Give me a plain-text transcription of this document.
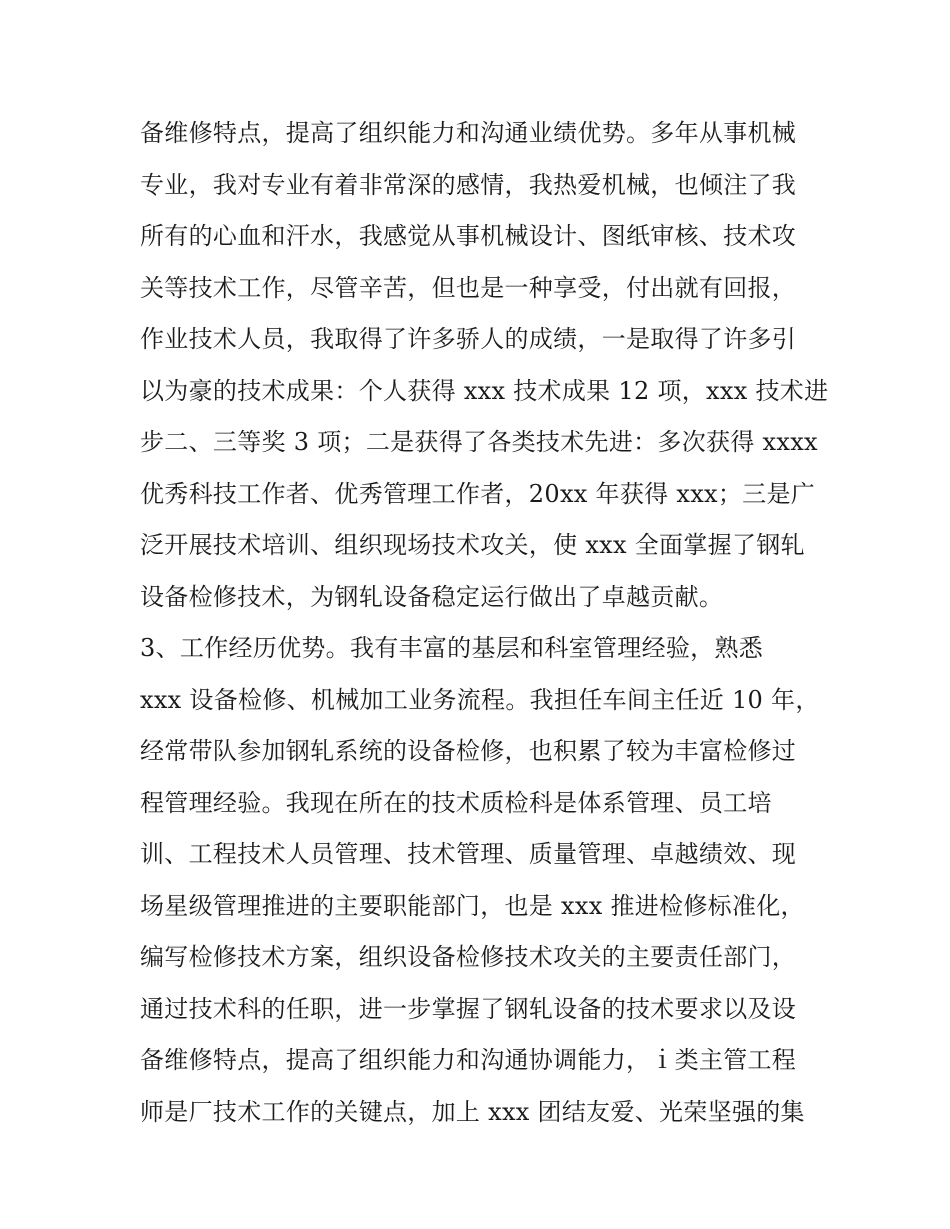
备维修特点，提高了组织能力和沟通业绩优势。多年从事机械
专业，我对专业有着非常深的感情，我热爱机械，也倾注了我
所有的心血和汗水，我感觉从事机械设计、图纸审核、技术攻
关等技术工作，尽管辛苦，但也是一种享受，付出就有回报，
作业技术人员，我取得了许多骄人的成绩，一是取得了许多引
以为豪的技术成果：个人获得 xxx 技术成果 12 项，xxx 技术进
步二、三等奖 3 项；二是获得了各类技术先进：多次获得 xxxx
优秀科技工作者、优秀管理工作者，20xx 年获得 xxx；三是广
泛开展技术培训、组织现场技术攻关，使 xxx 全面掌握了钢轧
设备检修技术，为钢轧设备稳定运行做出了卓越贡献。
3、工作经历优势。我有丰富的基层和科室管理经验，熟悉
xxx 设备检修、机械加工业务流程。我担任车间主任近 10 年，
经常带队参加钢轧系统的设备检修，也积累了较为丰富检修过
程管理经验。我现在所在的技术质检科是体系管理、员工培
训、工程技术人员管理、技术管理、质量管理、卓越绩效、现
场星级管理推进的主要职能部门，也是 xxx 推进检修标准化，
编写检修技术方案，组织设备检修技术攻关的主要责任部门，
通过技术科的任职，进一步掌握了钢轧设备的技术要求以及设
备维修特点，提高了组织能力和沟通协调能力，ｉ类主管工程
师是厂技术工作的关键点，加上 xxx 团结友爱、光荣坚强的集
